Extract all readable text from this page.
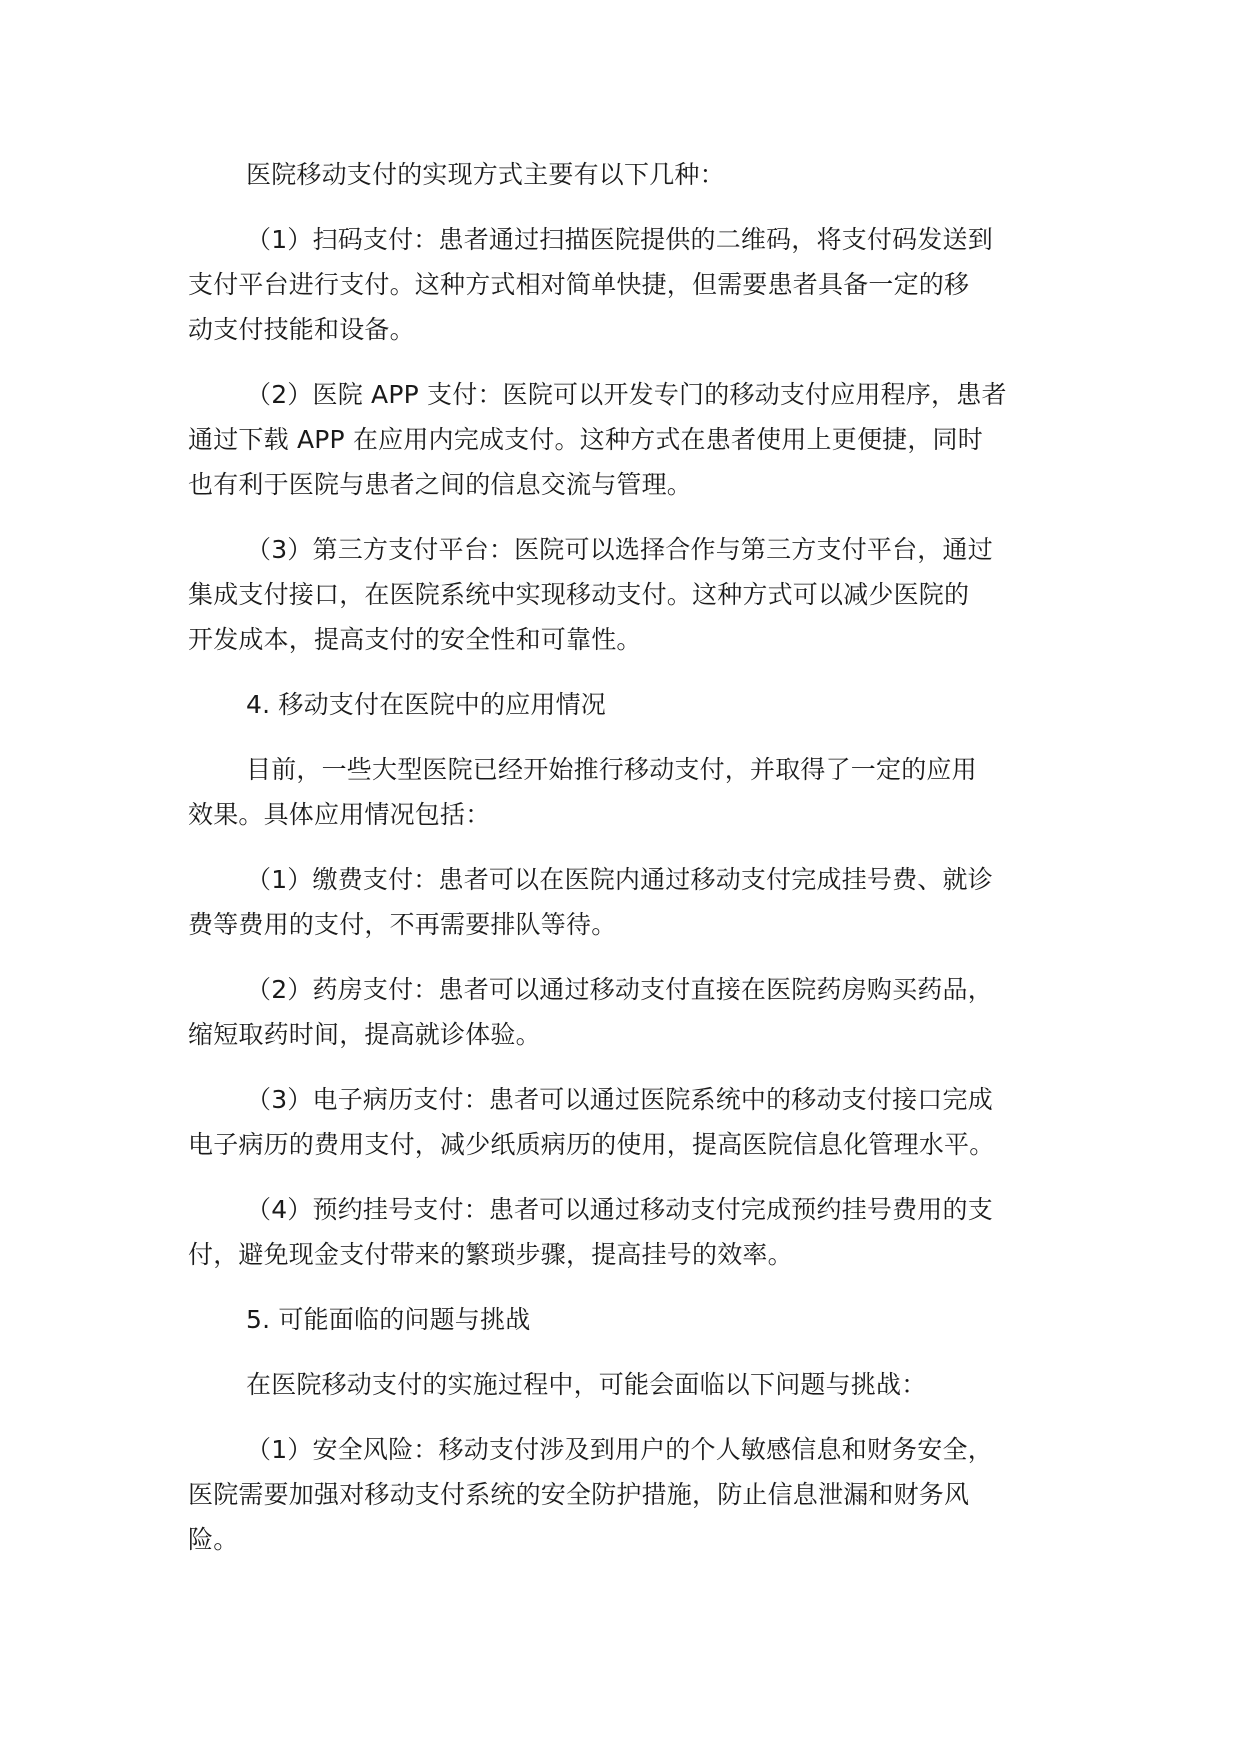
医院移动支付的实现方式主要有以下几种：

（1）扫码支付：患者通过扫描医院提供的二维码，将支付码发送到
支付平台进行支付。这种方式相对简单快捷，但需要患者具备一定的移
动支付技能和设备。

（2）医院 APP 支付：医院可以开发专门的移动支付应用程序，患者
通过下载 APP 在应用内完成支付。这种方式在患者使用上更便捷，同时
也有利于医院与患者之间的信息交流与管理。

（3）第三方支付平台：医院可以选择合作与第三方支付平台，通过
集成支付接口，在医院系统中实现移动支付。这种方式可以减少医院的
开发成本，提高支付的安全性和可靠性。

4. 移动支付在医院中的应用情况

目前，一些大型医院已经开始推行移动支付，并取得了一定的应用
效果。具体应用情况包括：

（1）缴费支付：患者可以在医院内通过移动支付完成挂号费、就诊
费等费用的支付，不再需要排队等待。

（2）药房支付：患者可以通过移动支付直接在医院药房购买药品，
缩短取药时间，提高就诊体验。

（3）电子病历支付：患者可以通过医院系统中的移动支付接口完成
电子病历的费用支付，减少纸质病历的使用，提高医院信息化管理水平。

（4）预约挂号支付：患者可以通过移动支付完成预约挂号费用的支
付，避免现金支付带来的繁琐步骤，提高挂号的效率。

5. 可能面临的问题与挑战

在医院移动支付的实施过程中，可能会面临以下问题与挑战：

（1）安全风险：移动支付涉及到用户的个人敏感信息和财务安全，
医院需要加强对移动支付系统的安全防护措施，防止信息泄漏和财务风
险。
